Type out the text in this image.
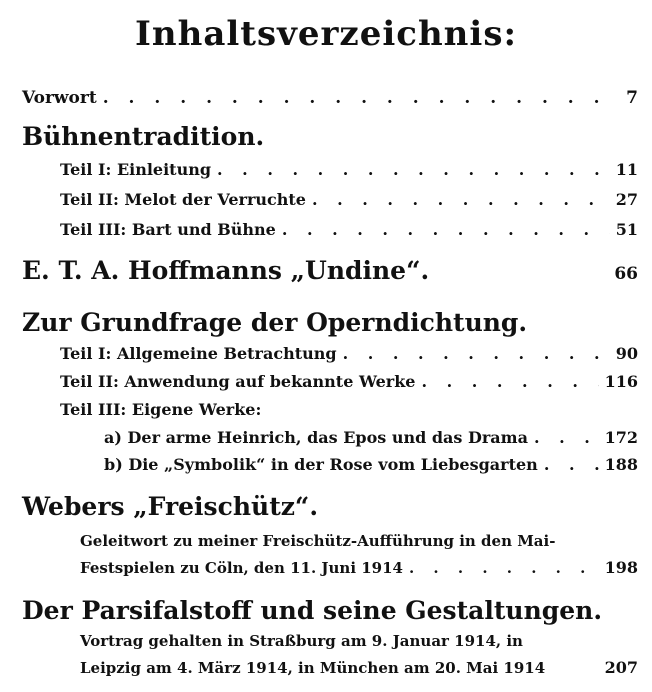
Inhaltsverzeichnis:
Vorwort . . .	7
Bühnentradition.
Teil I: Einleitung . . .	11
Teil II: Melot der Verruchte . . .	27
Teil III: Bart und Bühne . . .	51
E. T. A. Hoffmanns „Undine“.	66
Zur Grundfrage der Operndichtung.
Teil I: Allgemeine Betrachtung . . .	90
Teil II: Anwendung auf bekannte Werke . . .	116
Teil III: Eigene Werke:
a) Der arme Heinrich, das Epos und das Drama . . .	172
b) Die „Symbolik“ in der Rose vom Liebesgarten . . .	188
Webers „Freischütz“.
Geleitwort zu meiner Freischütz-Aufführung in den Mai-
Festspielen zu Cöln, den 11. Juni 1914 . . .	198
Der Parsifalstoff und seine Gestaltungen.
Vortrag gehalten in Straßburg am 9. Januar 1914, in
Leipzig am 4. März 1914, in München am 20. Mai 1914	207
